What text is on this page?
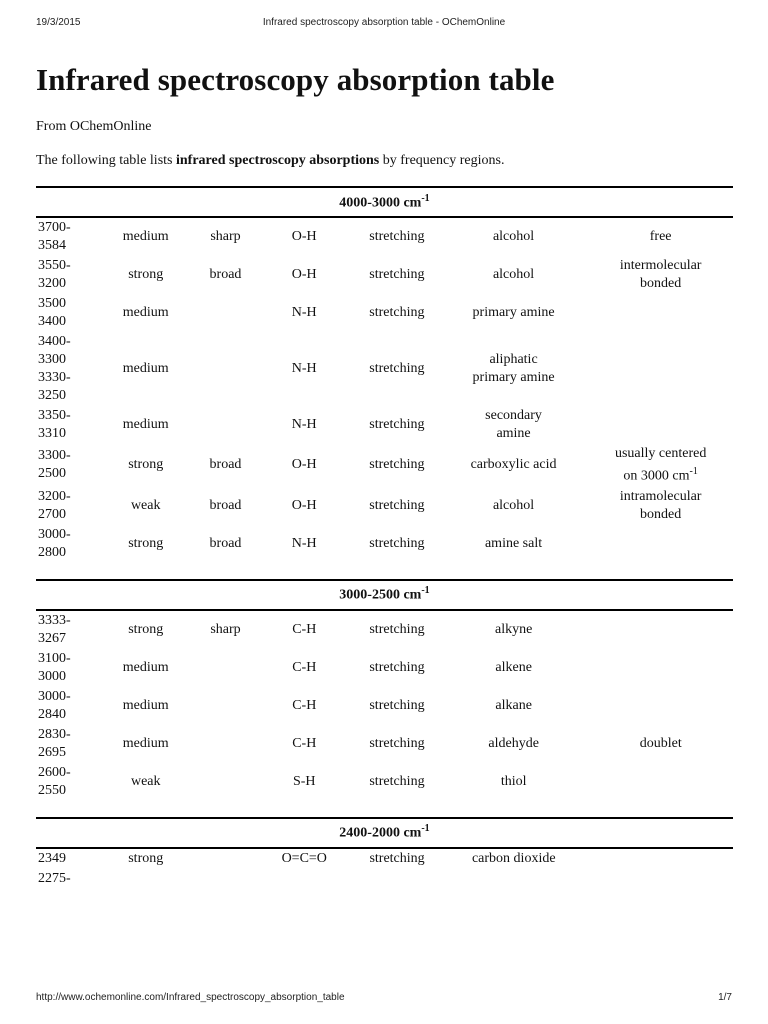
19/3/2015	Infrared spectroscopy absorption table - OChemOnline
Infrared spectroscopy absorption table
From OChemOnline
The following table lists infrared spectroscopy absorptions by frequency regions.
4000-3000 $cm^{-1}$
3700-
3584	medium	sharp	O-H	stretching	alcohol	free
3550-
3200	strong	broad	O-H	stretching	alcohol	intermolecular
bonded
3500
3400	medium		N-H	stretching	primary amine	
3400-
3300
3330-
3250	medium		N-H	stretching	aliphatic
primary amine	
3350-
3310	medium		N-H	stretching	secondary
amine	
3300-
2500	strong	broad	O-H	stretching	carboxylic acid	usually centered
on 3000 $cm^{-1}$
3200-
2700	weak	broad	O-H	stretching	alcohol	intramolecular
bonded
3000-
2800	strong	broad	N-H	stretching	amine salt	
3000-2500 $cm^{-1}$
3333-
3267	strong	sharp	C-H	stretching	alkyne	
3100-
3000	medium		C-H	stretching	alkene	
3000-
2840	medium		C-H	stretching	alkane	
2830-
2695	medium		C-H	stretching	aldehyde	doublet
2600-
2550	weak		S-H	stretching	thiol	
2400-2000 $cm^{-1}$
2349	strong		O=C=O	stretching	carbon dioxide	
2275-						
http://www.ochemonline.com/Infrared_spectroscopy_absorption_table	1/7
